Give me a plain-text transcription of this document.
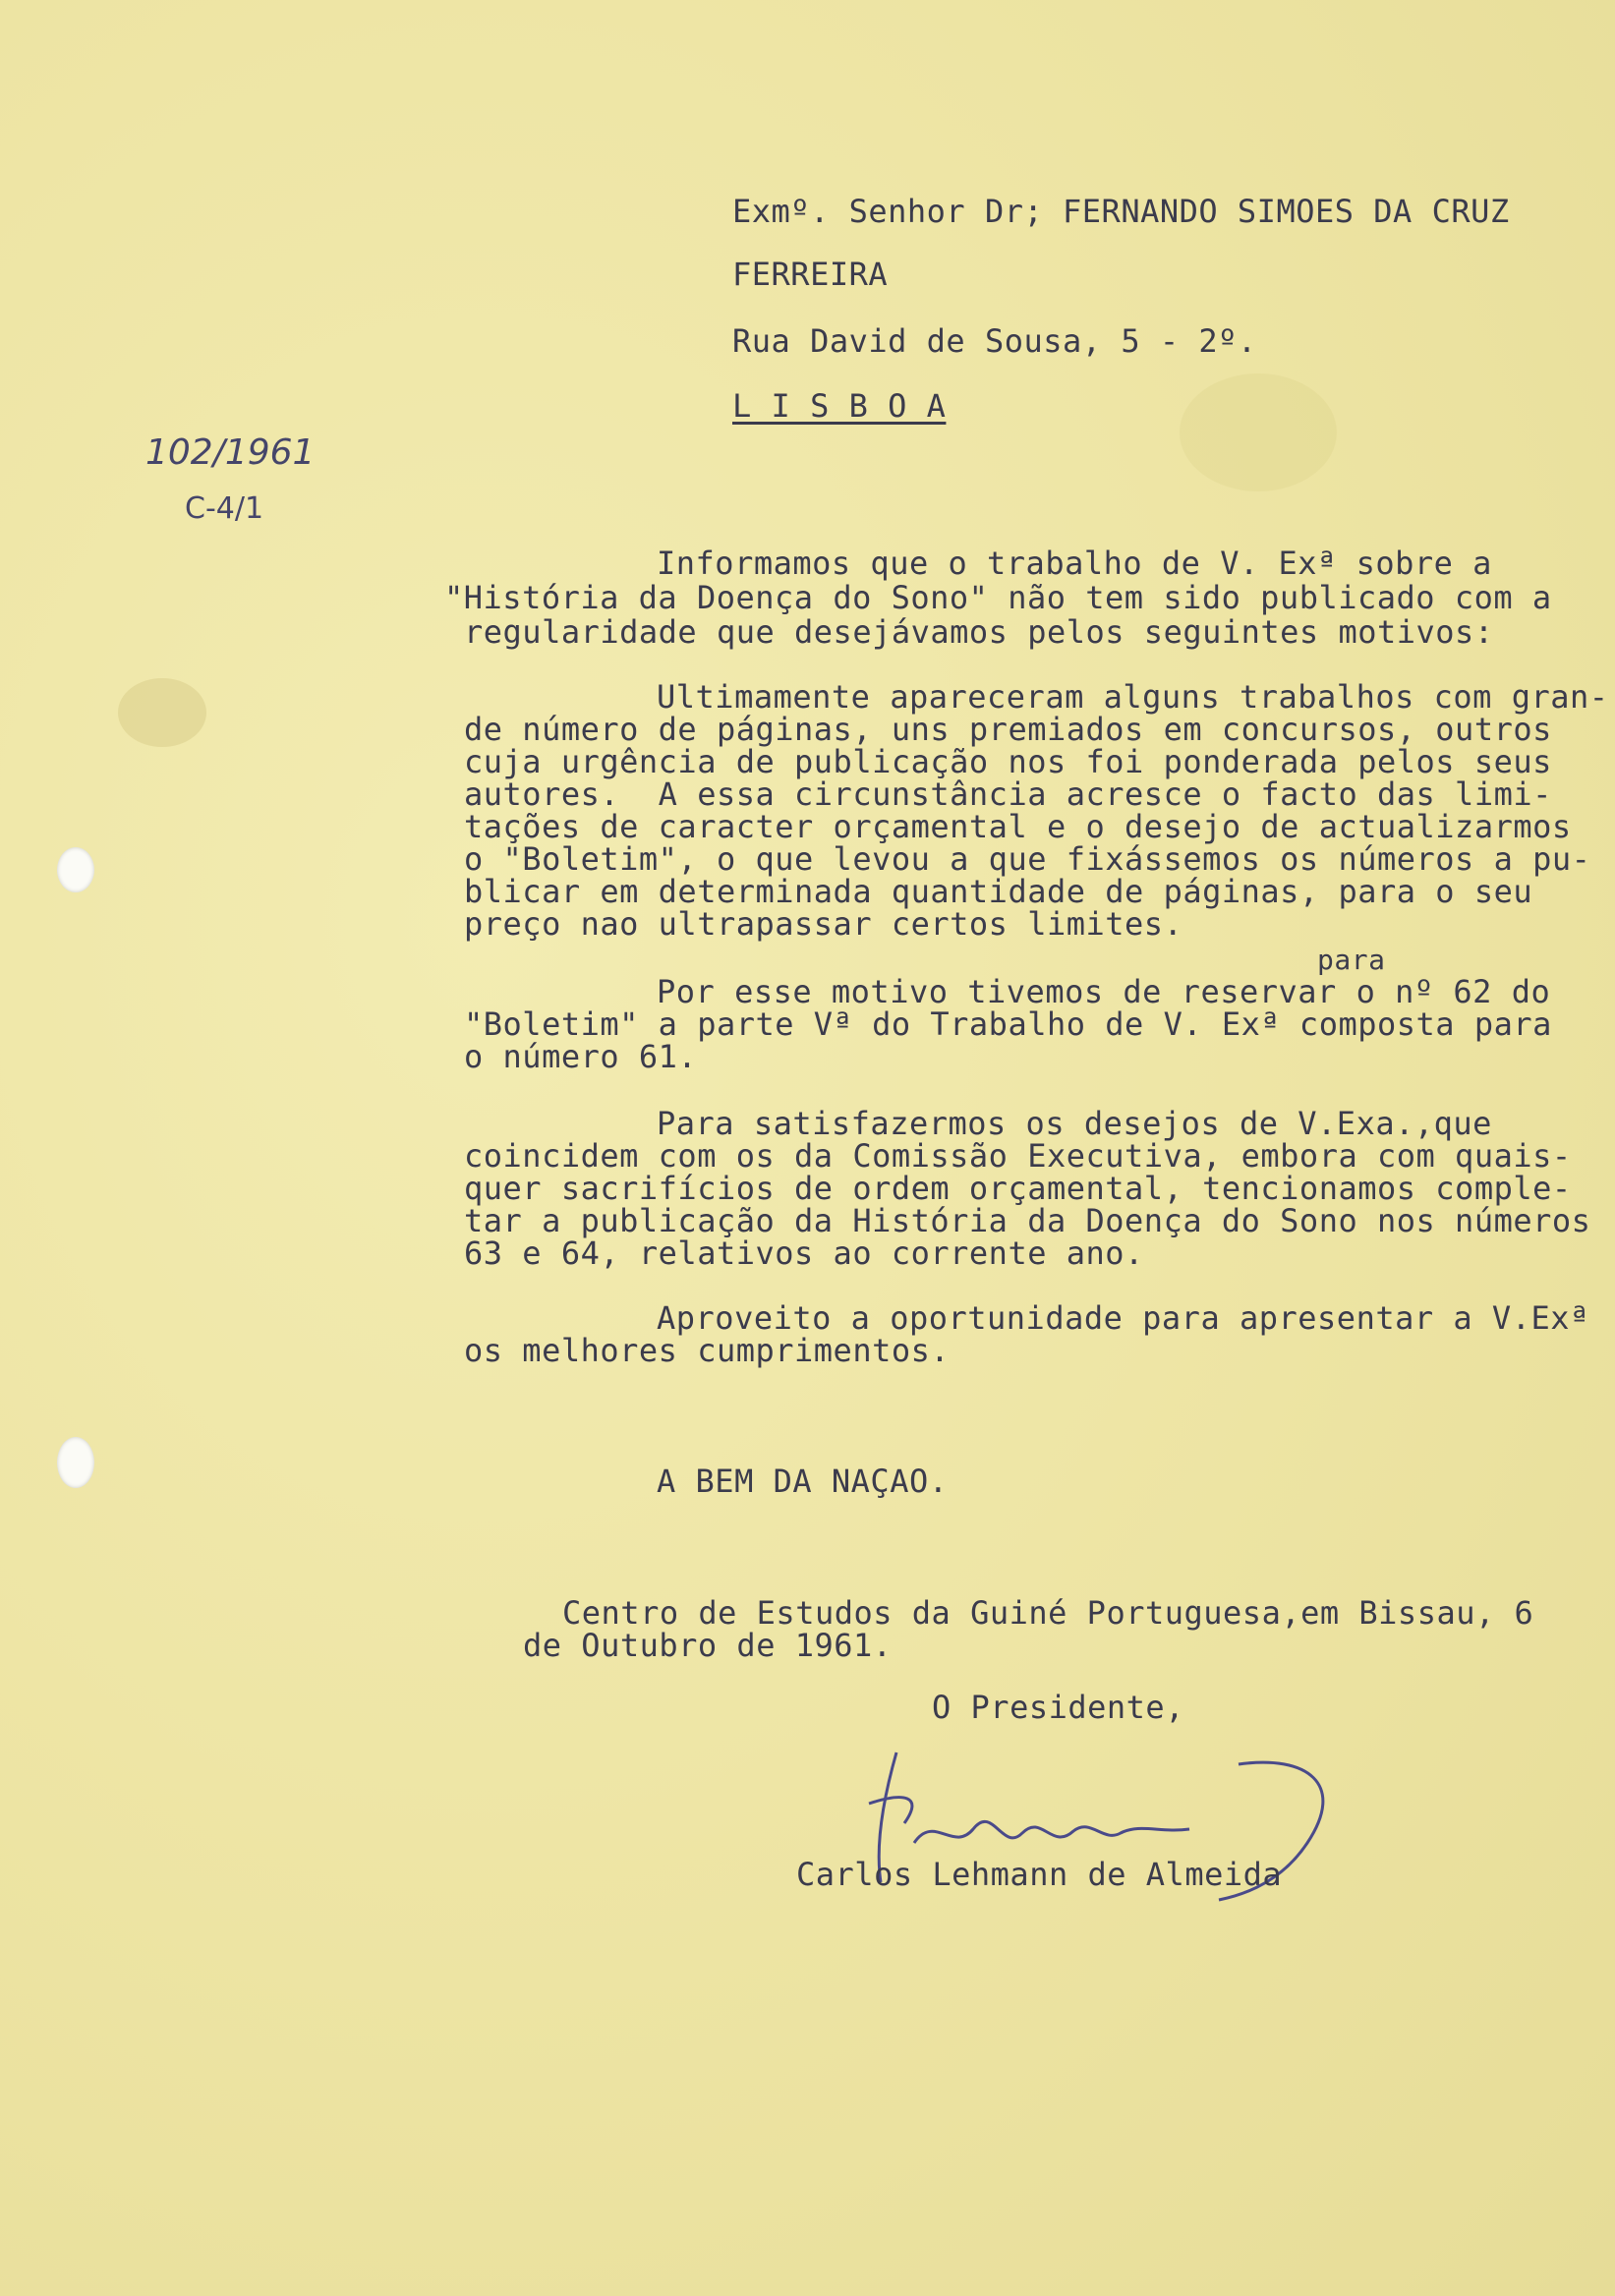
Exmº. Senhor Dr; FERNANDO SIMOES DA CRUZ
FERREIRA
Rua David de Sousa, 5 - 2º.
L I S B O A
102/1961
C-4/1
Informamos que o trabalho de V. Exª sobre a
"História da Doença do Sono" não tem sido publicado com a
regularidade que desejávamos pelos seguintes motivos:
Ultimamente apareceram alguns trabalhos com gran-
de número de páginas, uns premiados em concursos, outros
cuja urgência de publicação nos foi ponderada pelos seus
autores.  A essa circunstância acresce o facto das limi-
tações de caracter orçamental e o desejo de actualizarmos
o "Boletim", o que levou a que fixássemos os números a pu-
blicar em determinada quantidade de páginas, para o seu
preço nao ultrapassar certos limites.
para
Por esse motivo tivemos de reservar o nº 62 do
"Boletim" a parte Vª do Trabalho de V. Exª composta para
o número 61.
Para satisfazermos os desejos de V.Exa.,que
coincidem com os da Comissão Executiva, embora com quais-
quer sacrifícios de ordem orçamental, tencionamos comple-
tar a publicação da História da Doença do Sono nos números
63 e 64, relativos ao corrente ano.
Aproveito a oportunidade para apresentar a V.Exª
os melhores cumprimentos.
A BEM DA NAÇAO.
Centro de Estudos da Guiné Portuguesa,em Bissau, 6
de Outubro de 1961.
O Presidente,
Carlos Lehmann de Almeida
